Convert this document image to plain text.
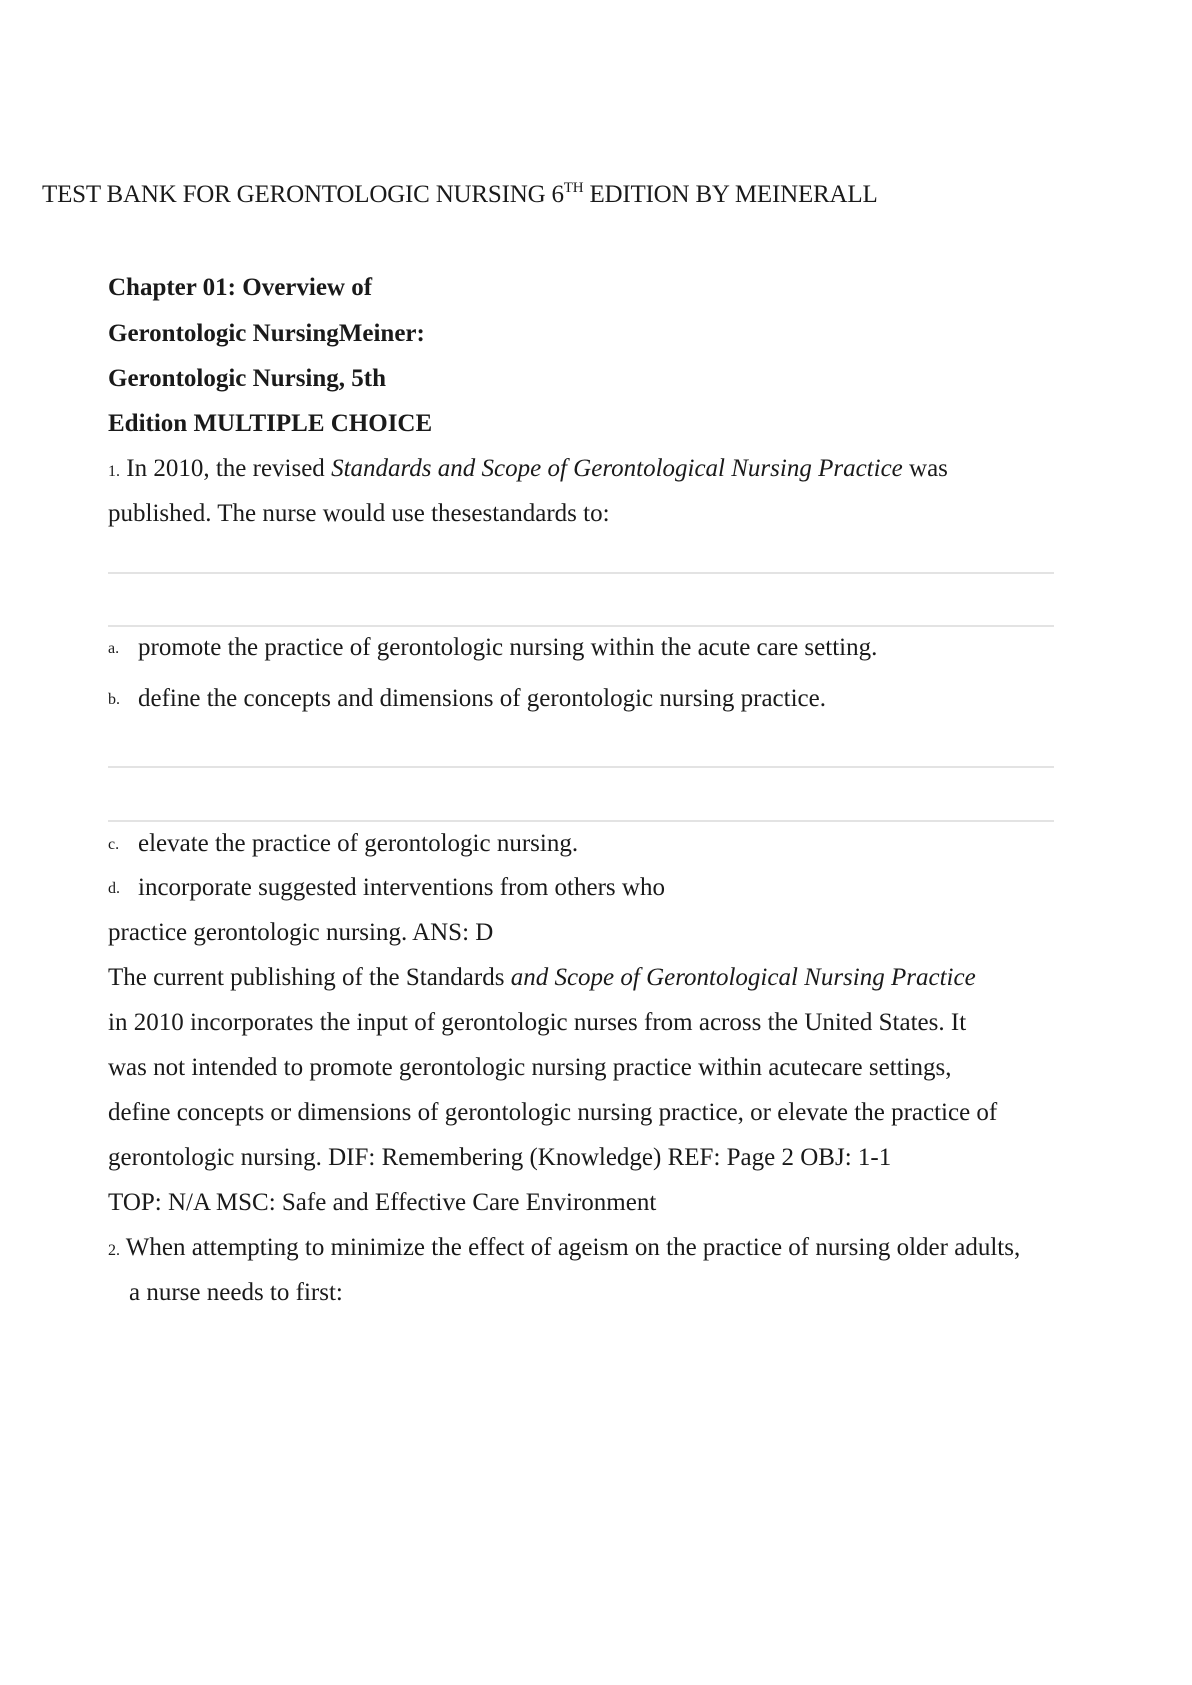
TEST BANK FOR GERONTOLOGIC NURSING 6TH EDITION BY MEINERALL
Chapter 01: Overview of
Gerontologic NursingMeiner:
Gerontologic Nursing, 5th
Edition MULTIPLE CHOICE
1. In 2010, the revised Standards and Scope of Gerontological Nursing Practice was
published. The nurse would use thesestandards to:
a. promote the practice of gerontologic nursing within the acute care setting.
b. define the concepts and dimensions of gerontologic nursing practice.
c. elevate the practice of gerontologic nursing.
d. incorporate suggested interventions from others who
practice gerontologic nursing. ANS: D
The current publishing of the Standards and Scope of Gerontological Nursing Practice
in 2010 incorporates the input of gerontologic nurses from across the United States. It
was not intended to promote gerontologic nursing practice within acutecare settings,
define concepts or dimensions of gerontologic nursing practice, or elevate the practice of
gerontologic nursing. DIF: Remembering (Knowledge) REF: Page 2 OBJ: 1-1
TOP: N/A MSC: Safe and Effective Care Environment
2. When attempting to minimize the effect of ageism on the practice of nursing older adults,
a nurse needs to first:
